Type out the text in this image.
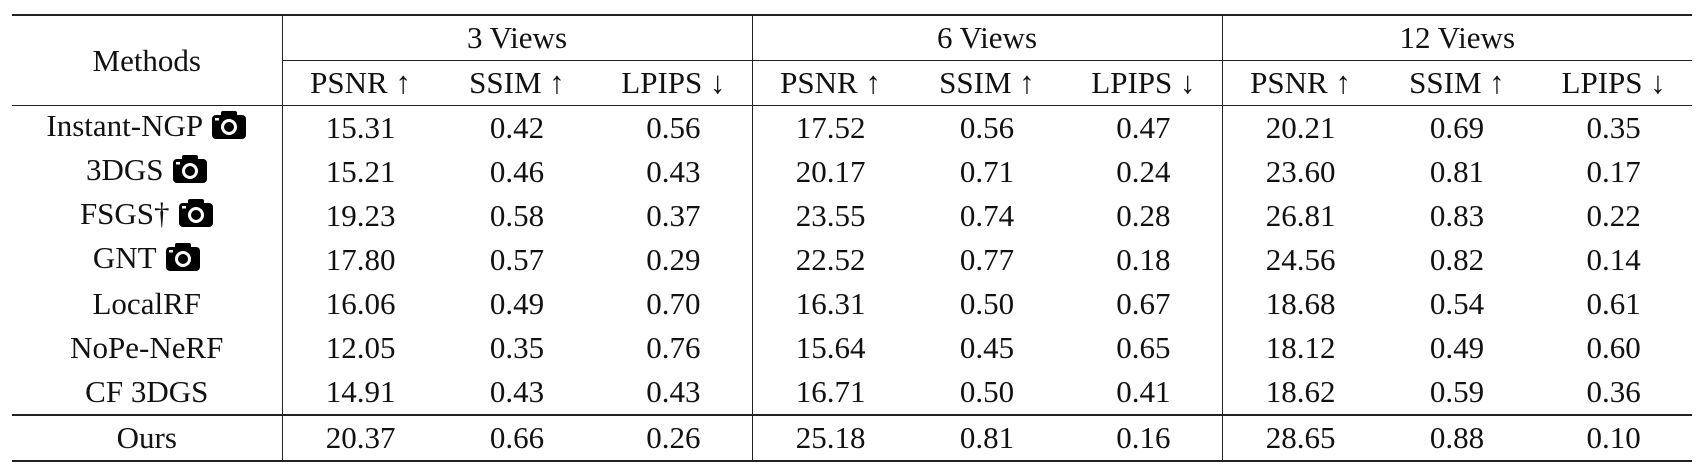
Methods	3 Views			6 Views			12 Views		
	PSNR ↑	SSIM ↑	LPIPS ↓	PSNR ↑	SSIM ↑	LPIPS ↓	PSNR ↑	SSIM ↑	LPIPS ↓
Instant-NGP	15.31	0.42	0.56	17.52	0.56	0.47	20.21	0.69	0.35
3DGS	15.21	0.46	0.43	20.17	0.71	0.24	23.60	0.81	0.17
FSGS†	19.23	0.58	0.37	23.55	0.74	0.28	26.81	0.83	0.22
GNT	17.80	0.57	0.29	22.52	0.77	0.18	24.56	0.82	0.14
LocalRF	16.06	0.49	0.70	16.31	0.50	0.67	18.68	0.54	0.61
NoPe-NeRF	12.05	0.35	0.76	15.64	0.45	0.65	18.12	0.49	0.60
CF 3DGS	14.91	0.43	0.43	16.71	0.50	0.41	18.62	0.59	0.36
Ours	20.37	0.66	0.26	25.18	0.81	0.16	28.65	0.88	0.10
